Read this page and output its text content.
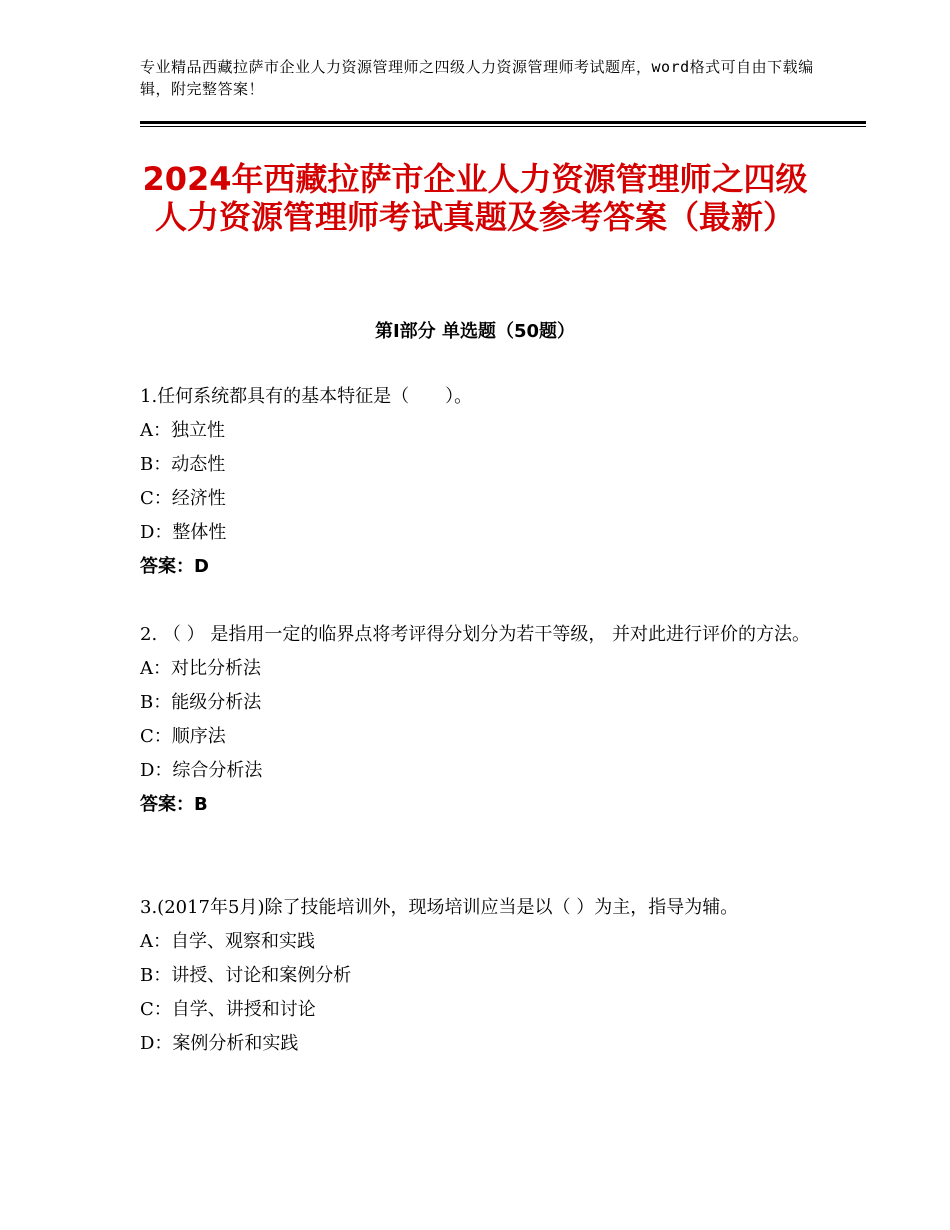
专业精品西藏拉萨市企业人力资源管理师之四级人力资源管理师考试题库，word格式可自由下载编辑，附完整答案！
2024年西藏拉萨市企业人力资源管理师之四级人力资源管理师考试真题及参考答案（最新）
第Ⅰ部分 单选题（50题）
1.任何系统都具有的基本特征是（　　）。
A：独立性
B：动态性
C：经济性
D：整体性
答案：D
2. （ ） 是指用一定的临界点将考评得分划分为若干等级， 并对此进行评价的方法。
A：对比分析法
B：能级分析法
C：顺序法
D：综合分析法
答案：B
3.(2017年5月)除了技能培训外，现场培训应当是以（ ）为主，指导为辅。
A：自学、观察和实践
B：讲授、讨论和案例分析
C：自学、讲授和讨论
D：案例分析和实践
